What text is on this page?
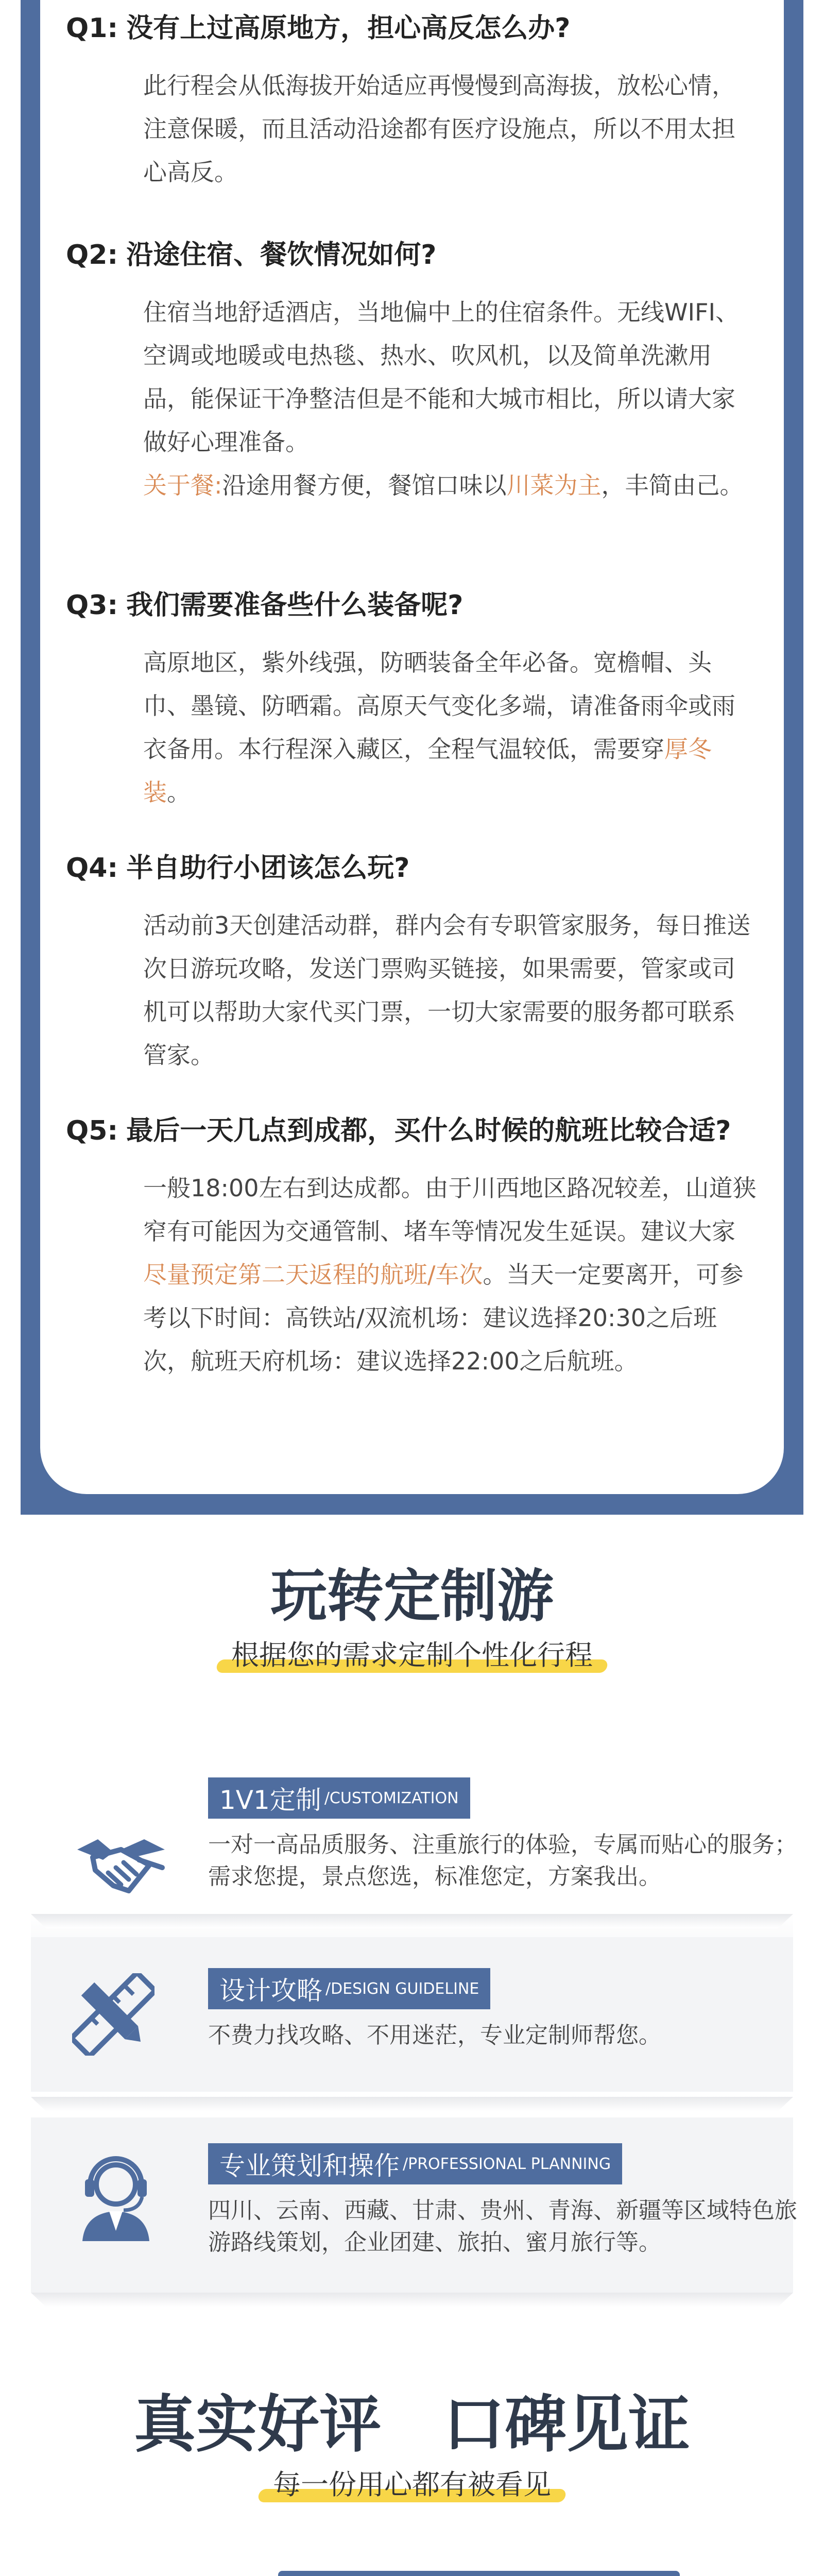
Q1: 没有上过高原地方，担心高反怎么办?
此行程会从低海拔开始适应再慢慢到高海拔，放松心情，注意保暖，而且活动沿途都有医疗设施点，所以不用太担心高反。
Q2: 沿途住宿、餐饮情况如何?
住宿当地舒适酒店，当地偏中上的住宿条件。无线WIFI、空调或地暖或电热毯、热水、吹风机，以及简单洗漱用品，能保证干净整洁但是不能和大城市相比，所以请大家做好心理准备。
关于餐:沿途用餐方便，餐馆口味以川菜为主，丰简由己。
Q3: 我们需要准备些什么装备呢?
高原地区，紫外线强，防晒装备全年必备。宽檐帽、头巾、墨镜、防晒霜。高原天气变化多端，请准备雨伞或雨衣备用。本行程深入藏区，全程气温较低，需要穿厚冬装。
Q4: 半自助行小团该怎么玩?
活动前3天创建活动群，群内会有专职管家服务，每日推送次日游玩攻略，发送门票购买链接，如果需要，管家或司机可以帮助大家代买门票，一切大家需要的服务都可联系管家。
Q5: 最后一天几点到成都，买什么时候的航班比较合适?
一般18:00左右到达成都。由于川西地区路况较差，山道狭窄有可能因为交通管制、堵车等情况发生延误。建议大家尽量预定第二天返程的航班/车次。当天一定要离开，可参考以下时间：高铁站/双流机场：建议选择20:30之后班次，航班天府机场：建议选择22:00之后航班。
玩转定制游
根据您的需求定制个性化行程
1V1定制 /CUSTOMIZATION
一对一高品质服务、注重旅行的体验，专属而贴心的服务；需求您提，景点您选，标准您定，方案我出。
设计攻略 /DESIGN GUIDELINE
不费力找攻略、不用迷茫，专业定制师帮您。
专业策划和操作 /PROFESSIONAL PLANNING
四川、云南、西藏、甘肃、贵州、青海、新疆等区域特色旅游路线策划，企业团建、旅拍、蜜月旅行等。
真实好评　口碑见证
每一份用心都有被看见
